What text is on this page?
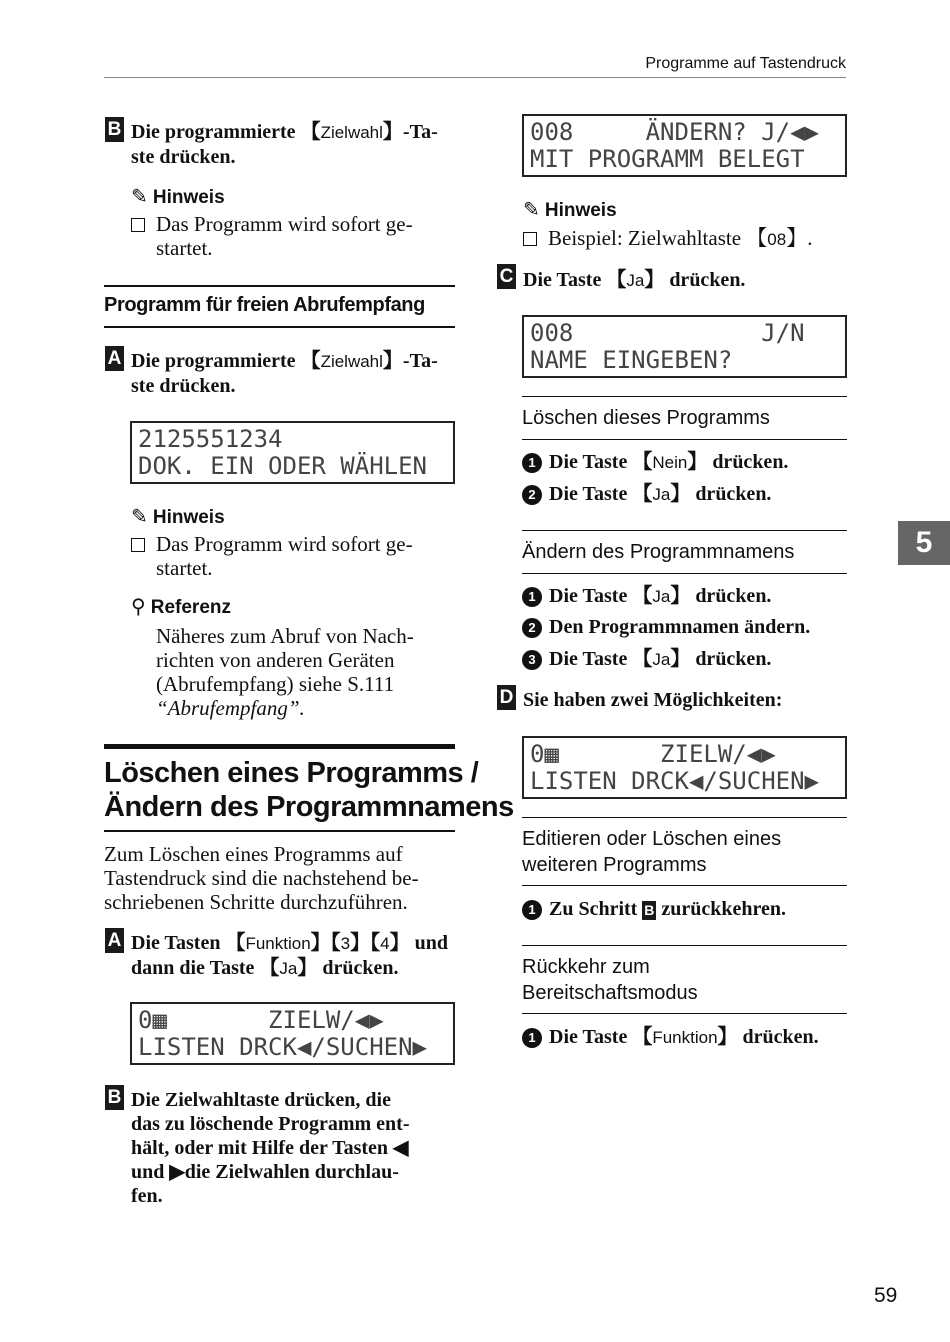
Programme auf Tastendruck
5
59
B Die programmierte 【Zielwahl】-Ta-
ste drücken.
✎ Hinweis
Das Programm wird sofort ge-
startet.
Programm für freien Abrufempfang
A Die programmierte 【Zielwahl】-Ta-
ste drücken.
2125551234
DOK. EIN ODER WÄHLEN
✎ Hinweis
Das Programm wird sofort ge-
startet.
⚲ Referenz
Näheres zum Abruf von Nach-
richten von anderen Geräten
(Abrufempfang) siehe S.111
“Abrufempfang”.
Löschen eines Programms /
Ändern des Programmnamens
Zum Löschen eines Programms auf
Tastendruck sind die nachstehend be-
schriebenen Schritte durchzuführen.
A Die Tasten 【Funktion】【3】【4】 und
dann die Taste 【Ja】 drücken.
0▦       ZIELW/◀▶
LISTEN DRCK◀/SUCHEN▶
B Die Zielwahltaste drücken, die
das zu löschende Programm ent-
hält, oder mit Hilfe der Tasten ◀
und ▶die Zielwahlen durchlau-
fen.
008     ÄNDERN? J/◀▶
MIT PROGRAMM BELEGT
✎ Hinweis
Beispiel: Zielwahltaste 【08】.
C Die Taste 【Ja】 drücken.
008             J/N
NAME EINGEBEN?
Löschen dieses Programms
1 Die Taste 【Nein】 drücken.
2 Die Taste 【Ja】 drücken.
Ändern des Programmnamens
1 Die Taste 【Ja】 drücken.
2 Den Programmnamen ändern.
3 Die Taste 【Ja】 drücken.
D Sie haben zwei Möglichkeiten:
0▦       ZIELW/◀▶
LISTEN DRCK◀/SUCHEN▶
Editieren oder Löschen eines
weiteren Programms
1 Zu Schritt B zurückkehren.
Rückkehr zum
Bereitschaftsmodus
1 Die Taste 【Funktion】 drücken.
